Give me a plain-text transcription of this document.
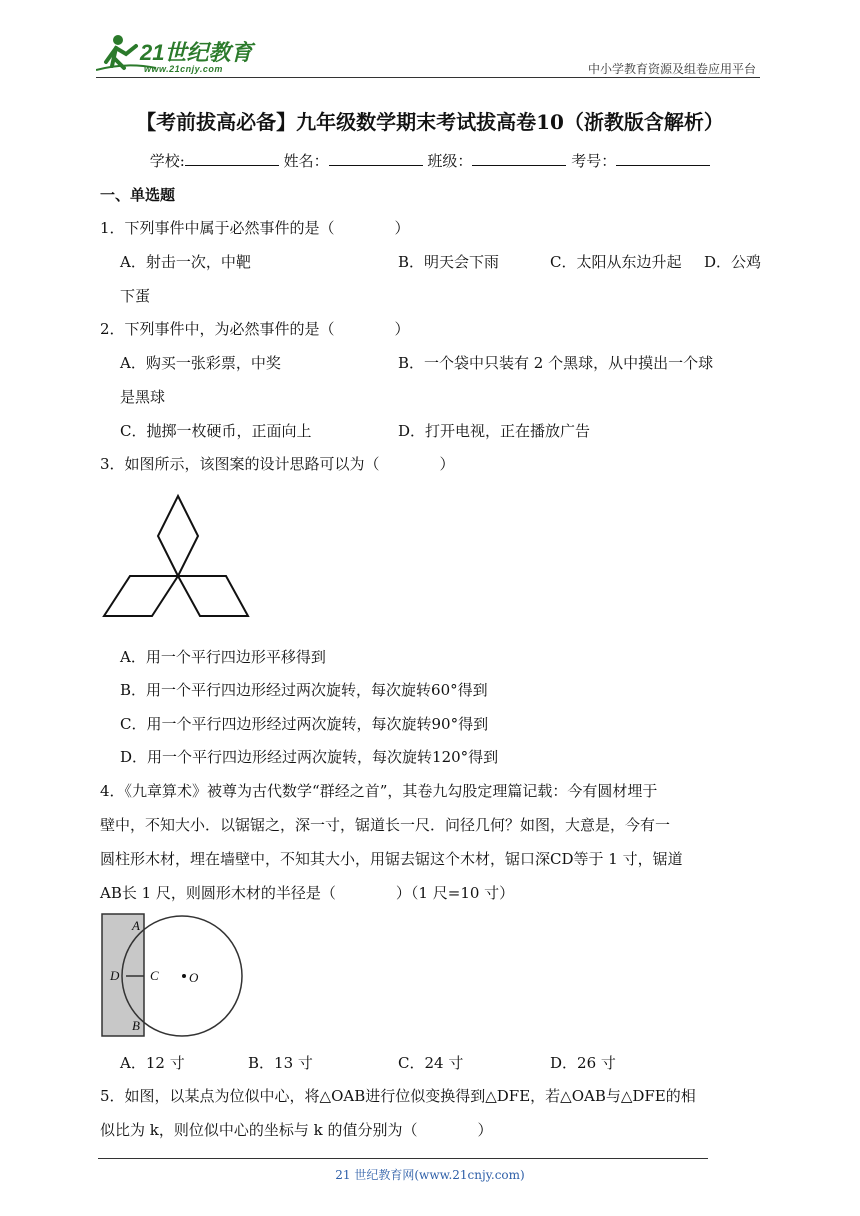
21世纪教育
www.21cnjy.com	中小学教育资源及组卷应用平台
【考前拔高必备】九年级数学期末考试拔高卷10（浙教版含解析）
学校:	姓名：	班级：	考号：
一、单选题
1．下列事件中属于必然事件的是（　　　　）
A．射击一次，中靶	B．明天会下雨	C．太阳从东边升起 D．公鸡
下蛋
2．下列事件中，为必然事件的是（　　　　）
A．购买一张彩票，中奖	B．一个袋中只装有 2 个黑球，从中摸出一个球
是黑球
C．抛掷一枚硬币，正面向上	D．打开电视，正在播放广告
3．如图所示，该图案的设计思路可以为（　　　　）
A．用一个平行四边形平移得到
B．用一个平行四边形经过两次旋转，每次旋转60°得到
C．用一个平行四边形经过两次旋转，每次旋转90°得到
D．用一个平行四边形经过两次旋转，每次旋转120°得到
4．《九章算术》被尊为古代数学“群经之首”，其卷九勾股定理篇记载：今有圆材埋于
壁中，不知大小．以锯锯之，深一寸，锯道长一尺．问径几何？如图，大意是，今有一
圆柱形木材，埋在墙壁中，不知其大小，用锯去锯这个木材，锯口深CD等于 1 寸，锯道
AB长 1 尺，则圆形木材的半径是（　　　　）（1 尺=10 寸）
A
D C O
B
A．12 寸	B．13 寸	C．24 寸	D．26 寸
5．如图，以某点为位似中心，将△OAB进行位似变换得到△DFE，若△OAB与△DFE的相
似比为 k，则位似中心的坐标与 k 的值分别为（　　　　）
21 世纪教育网(www.21cnjy.com)
